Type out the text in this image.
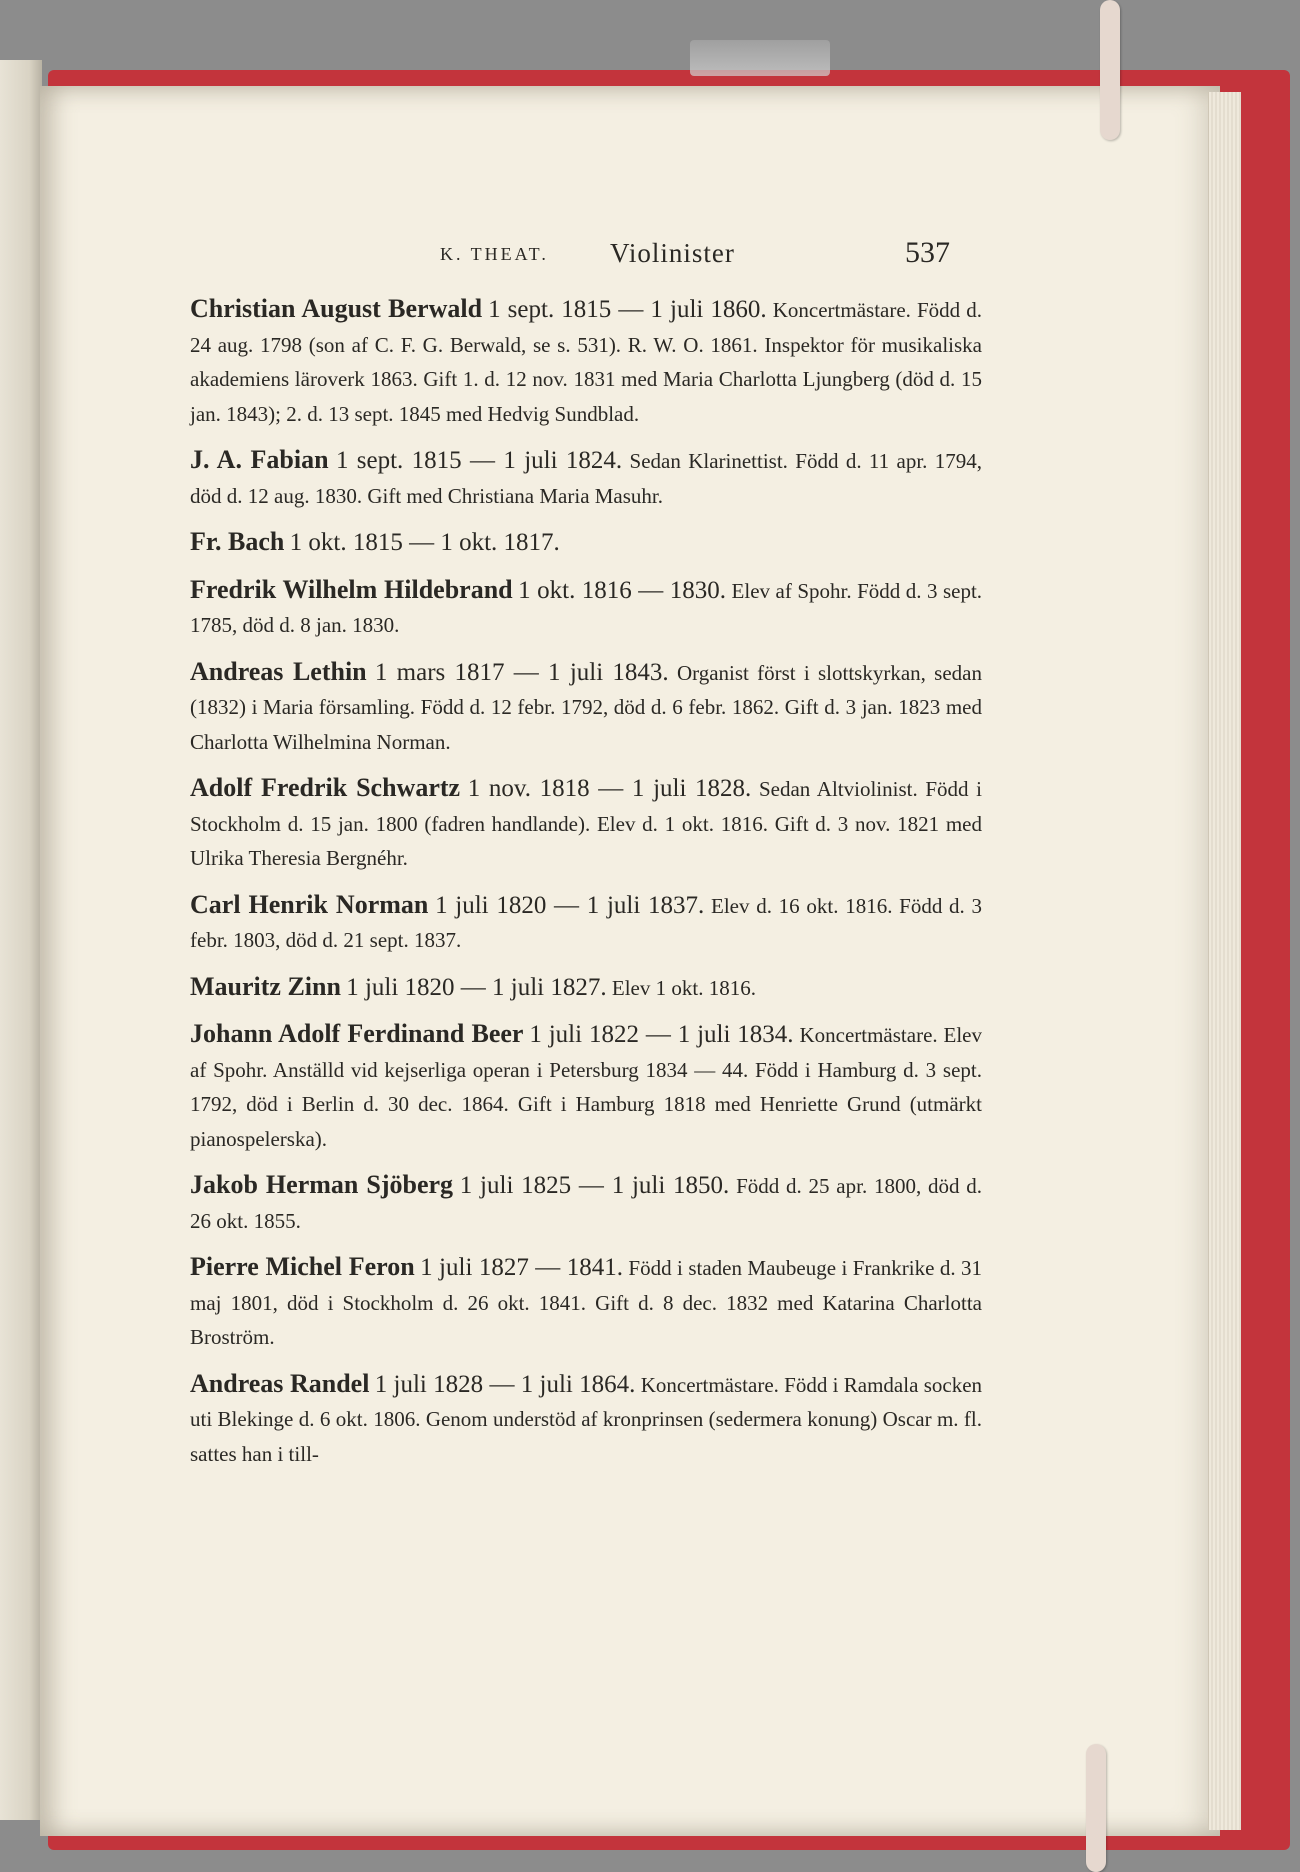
K. THEAT. Violinister	537

Christian August Berwald 1 sept. 1815 — 1 juli 1860. Koncertmästare. Född d. 24 aug. 1798 (son af C. F. G. Berwald, se s. 531). R. W. O. 1861. Inspektor för musikaliska akademiens läroverk 1863. Gift 1. d. 12 nov. 1831 med Maria Charlotta Ljungberg (död d. 15 jan. 1843); 2. d. 13 sept. 1845 med Hedvig Sundblad.

J. A. Fabian 1 sept. 1815 — 1 juli 1824. Sedan Klarinettist. Född d. 11 apr. 1794, död d. 12 aug. 1830. Gift med Christiana Maria Masuhr.

Fr. Bach 1 okt. 1815 — 1 okt. 1817.

Fredrik Wilhelm Hildebrand 1 okt. 1816 — 1830. Elev af Spohr. Född d. 3 sept. 1785, död d. 8 jan. 1830.

Andreas Lethin 1 mars 1817 — 1 juli 1843. Organist först i slottskyrkan, sedan (1832) i Maria församling. Född d. 12 febr. 1792, död d. 6 febr. 1862. Gift d. 3 jan. 1823 med Charlotta Wilhelmina Norman.

Adolf Fredrik Schwartz 1 nov. 1818 — 1 juli 1828. Sedan Altviolinist. Född i Stockholm d. 15 jan. 1800 (fadren handlande). Elev d. 1 okt. 1816. Gift d. 3 nov. 1821 med Ulrika Theresia Bergnéhr.

Carl Henrik Norman 1 juli 1820 — 1 juli 1837. Elev d. 16 okt. 1816. Född d. 3 febr. 1803, död d. 21 sept. 1837.

Mauritz Zinn 1 juli 1820 — 1 juli 1827. Elev 1 okt. 1816.

Johann Adolf Ferdinand Beer 1 juli 1822 — 1 juli 1834. Koncertmästare. Elev af Spohr. Anställd vid kejserliga operan i Petersburg 1834 — 44. Född i Hamburg d. 3 sept. 1792, död i Berlin d. 30 dec. 1864. Gift i Hamburg 1818 med Henriette Grund (utmärkt pianospelerska).

Jakob Herman Sjöberg 1 juli 1825 — 1 juli 1850. Född d. 25 apr. 1800, död d. 26 okt. 1855.

Pierre Michel Feron 1 juli 1827 — 1841. Född i staden Maubeuge i Frankrike d. 31 maj 1801, död i Stockholm d. 26 okt. 1841. Gift d. 8 dec. 1832 med Katarina Charlotta Broström.

Andreas Randel 1 juli 1828 — 1 juli 1864. Koncertmästare. Född i Ramdala socken uti Blekinge d. 6 okt. 1806. Genom understöd af kronprinsen (sedermera konung) Oscar m. fl. sattes han i till-
